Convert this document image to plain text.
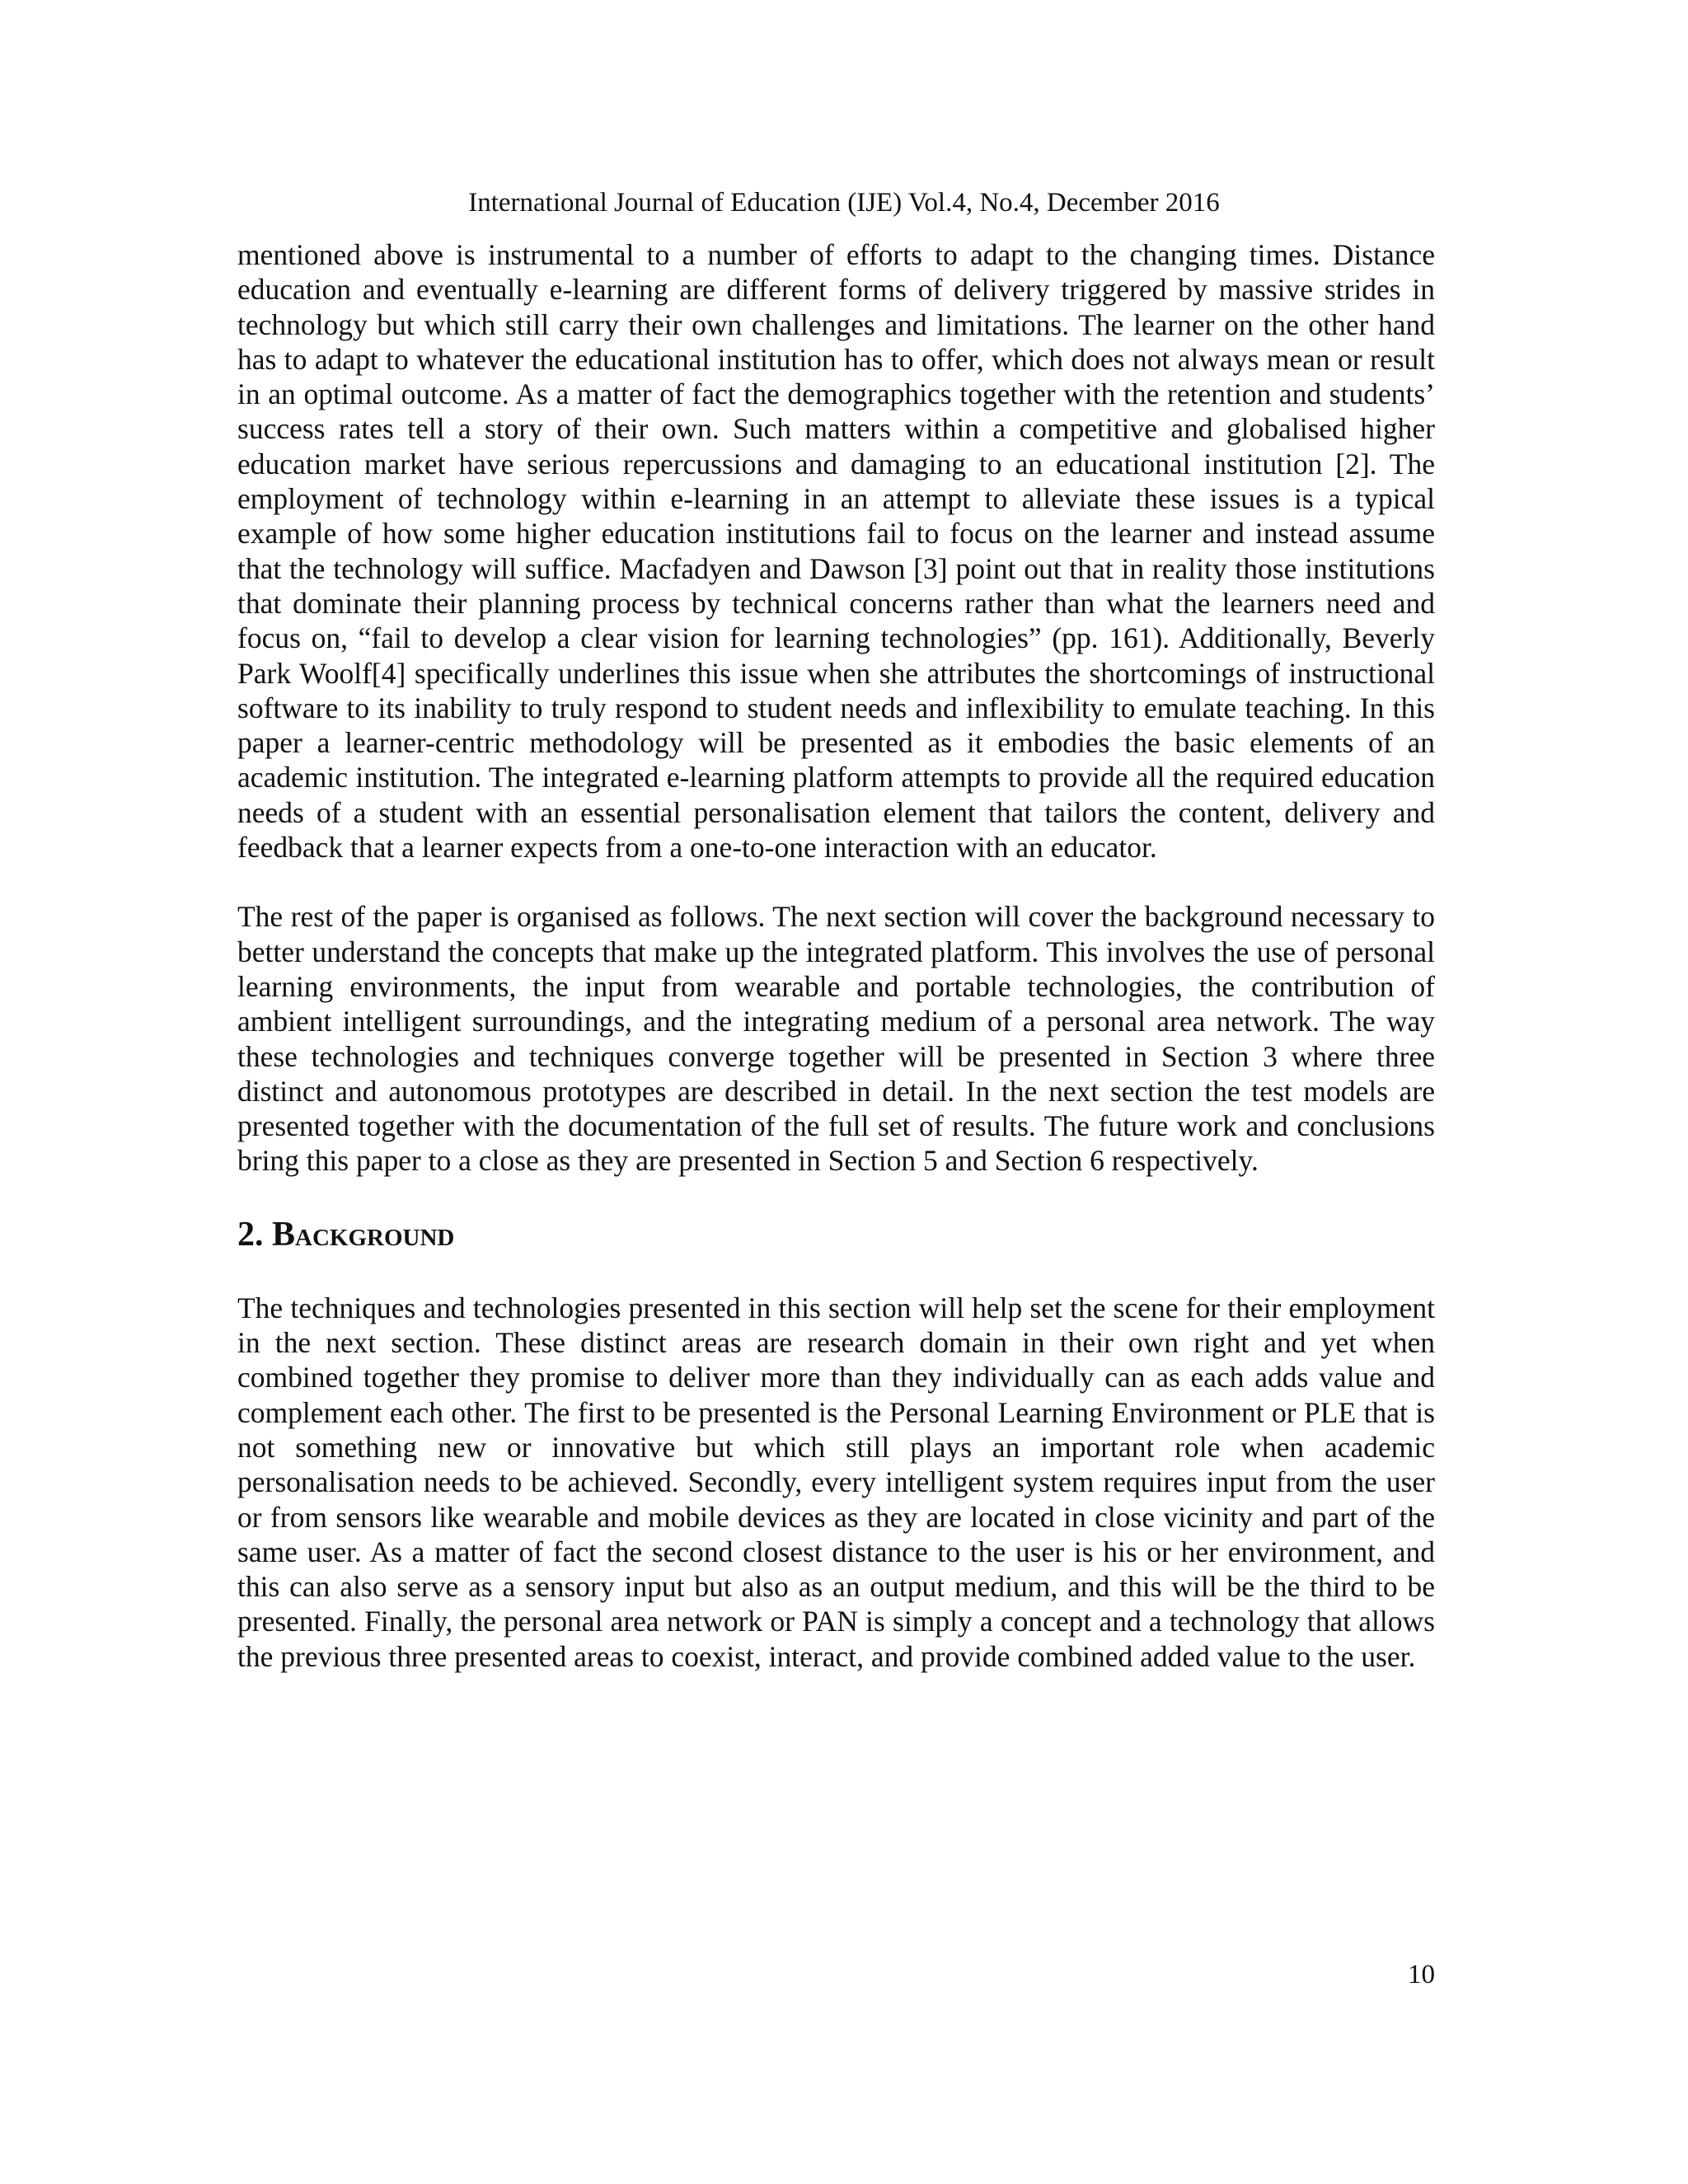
International Journal of Education (IJE) Vol.4, No.4, December 2016

mentioned above is instrumental to a number of efforts to adapt to the changing times. Distance education and eventually e-learning are different forms of delivery triggered by massive strides in technology but which still carry their own challenges and limitations. The learner on the other hand has to adapt to whatever the educational institution has to offer, which does not always mean or result in an optimal outcome. As a matter of fact the demographics together with the retention and students’ success rates tell a story of their own. Such matters within a competitive and globalised higher education market have serious repercussions and damaging to an educational institution [2]. The employment of technology within e-learning in an attempt to alleviate these issues is a typical example of how some higher education institutions fail to focus on the learner and instead assume that the technology will suffice. Macfadyen and Dawson [3] point out that in reality those institutions that dominate their planning process by technical concerns rather than what the learners need and focus on, “fail to develop a clear vision for learning technologies” (pp. 161). Additionally, Beverly Park Woolf[4] specifically underlines this issue when she attributes the shortcomings of instructional software to its inability to truly respond to student needs and inflexibility to emulate teaching. In this paper a learner-centric methodology will be presented as it embodies the basic elements of an academic institution. The integrated e-learning platform attempts to provide all the required education needs of a student with an essential personalisation element that tailors the content, delivery and feedback that a learner expects from a one-to-one interaction with an educator.

The rest of the paper is organised as follows. The next section will cover the background necessary to better understand the concepts that make up the integrated platform. This involves the use of personal learning environments, the input from wearable and portable technologies, the contribution of ambient intelligent surroundings, and the integrating medium of a personal area network. The way these technologies and techniques converge together will be presented in Section 3 where three distinct and autonomous prototypes are described in detail. In the next section the test models are presented together with the documentation of the full set of results. The future work and conclusions bring this paper to a close as they are presented in Section 5 and Section 6 respectively.

2. Background

The techniques and technologies presented in this section will help set the scene for their employment in the next section. These distinct areas are research domain in their own right and yet when combined together they promise to deliver more than they individually can as each adds value and complement each other. The first to be presented is the Personal Learning Environment or PLE that is not something new or innovative but which still plays an important role when academic personalisation needs to be achieved. Secondly, every intelligent system requires input from the user or from sensors like wearable and mobile devices as they are located in close vicinity and part of the same user. As a matter of fact the second closest distance to the user is his or her environment, and this can also serve as a sensory input but also as an output medium, and this will be the third to be presented. Finally, the personal area network or PAN is simply a concept and a technology that allows the previous three presented areas to coexist, interact, and provide combined added value to the user.

10
